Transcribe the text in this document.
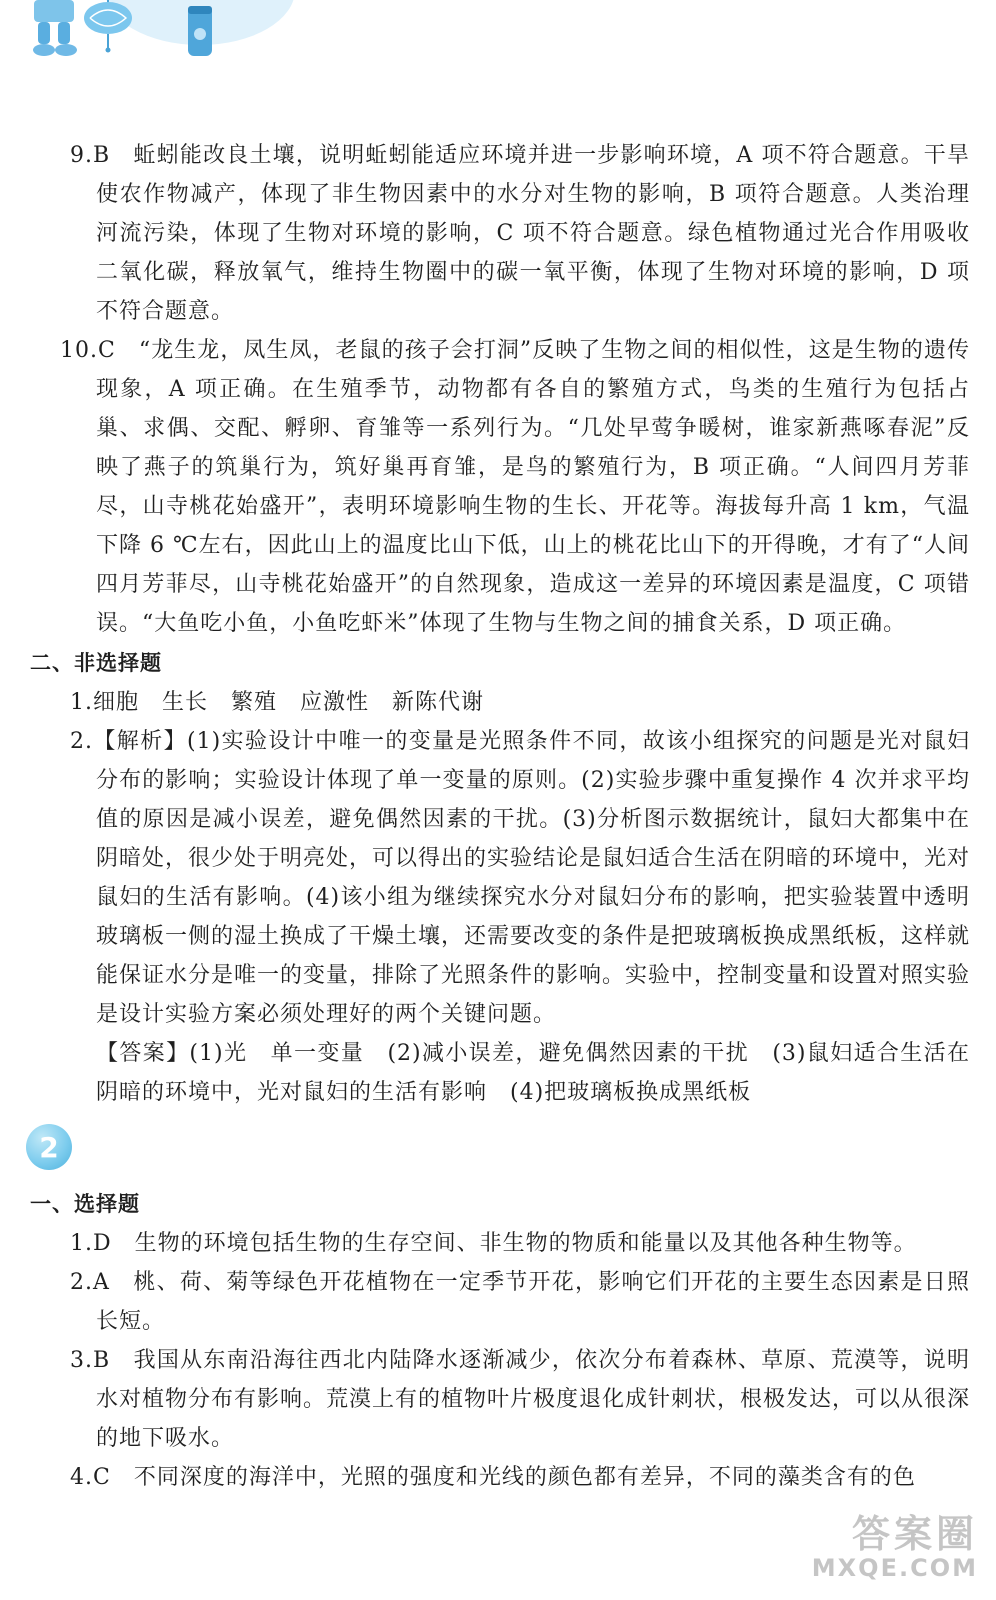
9.B　蚯蚓能改良土壤，说明蚯蚓能适应环境并进一步影响环境，A 项不符合题意。干旱使农作物减产，体现了非生物因素中的水分对生物的影响，B 项符合题意。人类治理河流污染，体现了生物对环境的影响，C 项不符合题意。绿色植物通过光合作用吸收二氧化碳，释放氧气，维持生物圈中的碳一氧平衡，体现了生物对环境的影响，D 项不符合题意。

10.C　“龙生龙，凤生凤，老鼠的孩子会打洞”反映了生物之间的相似性，这是生物的遗传现象，A 项正确。在生殖季节，动物都有各自的繁殖方式，鸟类的生殖行为包括占巢、求偶、交配、孵卵、育雏等一系列行为。“几处早莺争暖树，谁家新燕啄春泥”反映了燕子的筑巢行为，筑好巢再育雏，是鸟的繁殖行为，B 项正确。“人间四月芳菲尽，山寺桃花始盛开”，表明环境影响生物的生长、开花等。海拔每升高 1 km，气温下降 6 ℃左右，因此山上的温度比山下低，山上的桃花比山下的开得晚，才有了“人间四月芳菲尽，山寺桃花始盛开”的自然现象，造成这一差异的环境因素是温度，C 项错误。“大鱼吃小鱼，小鱼吃虾米”体现了生物与生物之间的捕食关系，D 项正确。

二、非选择题

1.细胞　生长　繁殖　应激性　新陈代谢

2.【解析】(1)实验设计中唯一的变量是光照条件不同，故该小组探究的问题是光对鼠妇分布的影响；实验设计体现了单一变量的原则。(2)实验步骤中重复操作 4 次并求平均值的原因是减小误差，避免偶然因素的干扰。(3)分析图示数据统计，鼠妇大都集中在阴暗处，很少处于明亮处，可以得出的实验结论是鼠妇适合生活在阴暗的环境中，光对鼠妇的生活有影响。(4)该小组为继续探究水分对鼠妇分布的影响，把实验装置中透明玻璃板一侧的湿土换成了干燥土壤，还需要改变的条件是把玻璃板换成黑纸板，这样就能保证水分是唯一的变量，排除了光照条件的影响。实验中，控制变量和设置对照实验是设计实验方案必须处理好的两个关键问题。

【答案】(1)光　单一变量　(2)减小误差，避免偶然因素的干扰　(3)鼠妇适合生活在阴暗的环境中，光对鼠妇的生活有影响　(4)把玻璃板换成黑纸板

2
一、选择题

1.D　生物的环境包括生物的生存空间、非生物的物质和能量以及其他各种生物等。

2.A　桃、荷、菊等绿色开花植物在一定季节开花，影响它们开花的主要生态因素是日照长短。

3.B　我国从东南沿海往西北内陆降水逐渐减少，依次分布着森林、草原、荒漠等，说明水对植物分布有影响。荒漠上有的植物叶片极度退化成针刺状，根极发达，可以从很深的地下吸水。

4.C　不同深度的海洋中，光照的强度和光线的颜色都有差异，不同的藻类含有的色

答案圈
MXQE.COM
